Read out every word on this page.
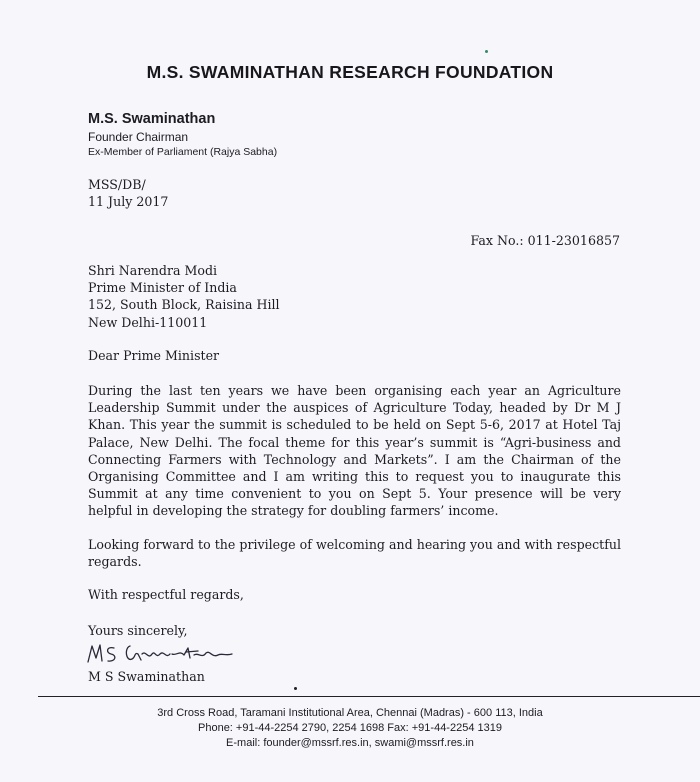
M.S. SWAMINATHAN RESEARCH FOUNDATION
M.S. Swaminathan
Founder Chairman
Ex-Member of Parliament (Rajya Sabha)
MSS/DB/
11 July 2017
Fax No.: 011-23016857
Shri Narendra Modi
Prime Minister of India
152, South Block, Raisina Hill
New Delhi-110011
Dear Prime Minister
During the last ten years we have been organising each year an Agriculture Leadership Summit under the auspices of Agriculture Today, headed by Dr M J Khan. This year the summit is scheduled to be held on Sept 5-6, 2017 at Hotel Taj Palace, New Delhi. The focal theme for this year’s summit is “Agri-business and Connecting Farmers with Technology and Markets”. I am the Chairman of the Organising Committee and I am writing this to request you to inaugurate this Summit at any time convenient to you on Sept 5. Your presence will be very helpful in developing the strategy for doubling farmers’ income.
Looking forward to the privilege of welcoming and hearing you and with respectful regards.
With respectful regards,
Yours sincerely,
M S Swaminathan
M S Swaminathan
3rd Cross Road, Taramani Institutional Area, Chennai (Madras) - 600 113, India
Phone: +91-44-2254 2790, 2254 1698 Fax: +91-44-2254 1319
E-mail: founder@mssrf.res.in, swami@mssrf.res.in
